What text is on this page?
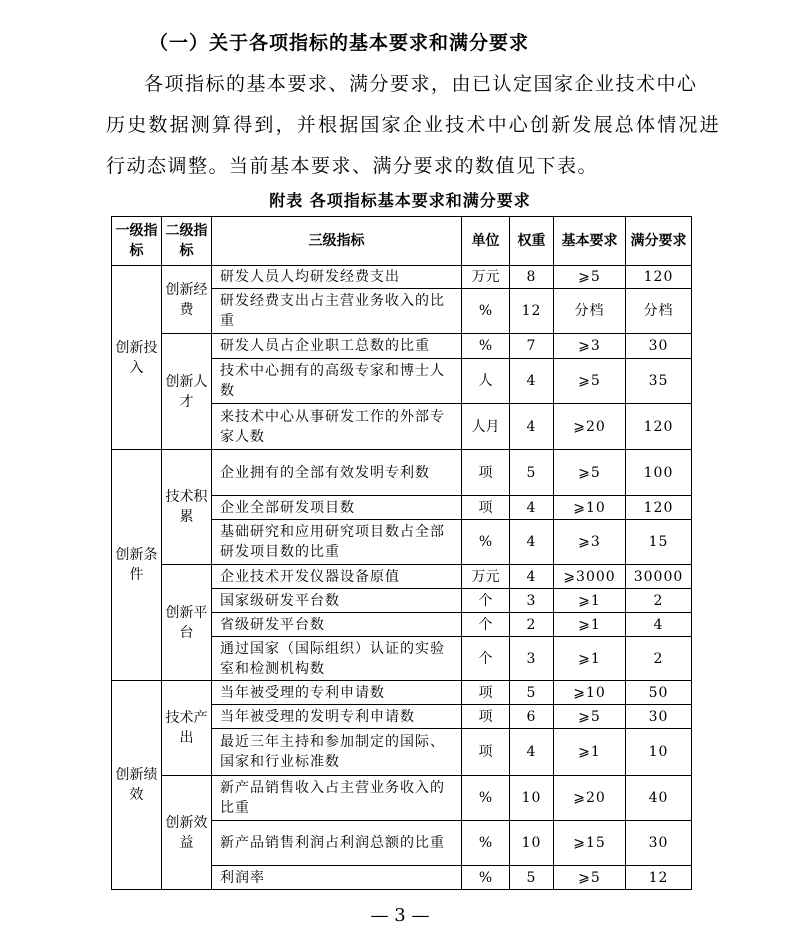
（一）关于各项指标的基本要求和满分要求
各项指标的基本要求、满分要求，由已认定国家企业技术中心
历史数据测算得到，并根据国家企业技术中心创新发展总体情况进
行动态调整。当前基本要求、满分要求的数值见下表。
附表 各项指标基本要求和满分要求
一级指标	二级指标	三级指标	单位	权重	基本要求	满分要求
创新投入	创新经费	研发人员人均研发经费支出	万元	8	⩾5	120
		研发经费支出占主营业务收入的比重	%	12	分档	分档
	创新人才	研发人员占企业职工总数的比重	%	7	⩾3	30
		技术中心拥有的高级专家和博士人数	人	4	⩾5	35
		来技术中心从事研发工作的外部专家人数	人月	4	⩾20	120
创新条件	技术积累	企业拥有的全部有效发明专利数	项	5	⩾5	100
		企业全部研发项目数	项	4	⩾10	120
		基础研究和应用研究项目数占全部研发项目数的比重	%	4	⩾3	15
	创新平台	企业技术开发仪器设备原值	万元	4	⩾3000	30000
		国家级研发平台数	个	3	⩾1	2
		省级研发平台数	个	2	⩾1	4
		通过国家（国际组织）认证的实验室和检测机构数	个	3	⩾1	2
创新绩效	技术产出	当年被受理的专利申请数	项	5	⩾10	50
		当年被受理的发明专利申请数	项	6	⩾5	30
		最近三年主持和参加制定的国际、国家和行业标准数	项	4	⩾1	10
	创新效益	新产品销售收入占主营业务收入的比重	%	10	⩾20	40
		新产品销售利润占利润总额的比重	%	10	⩾15	30
		利润率	%	5	⩾5	12
— 3 —
